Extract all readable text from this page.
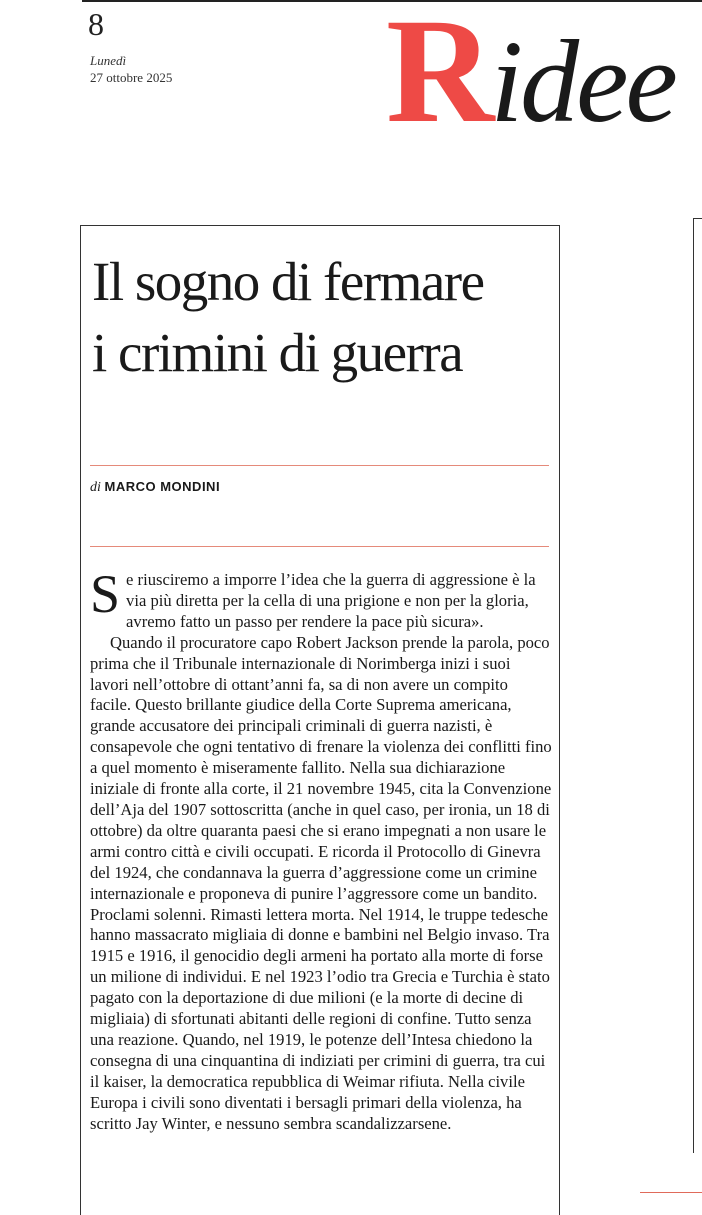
8
Lunedì
27 ottobre 2025 Ridee
Il sogno di fermare
i crimini di guerra
di MARCO MONDINI

Se riusciremo a imporre l’idea che la guerra di aggressione è la via più diretta per la cella di una prigione e non per la gloria, avremo fatto un passo per rendere la pace più sicura».

Quando il procuratore capo Robert Jackson prende la parola, poco prima che il Tribunale internazionale di Norimberga inizi i suoi lavori nell’ottobre di ottant’anni fa, sa di non avere un compito facile. Questo brillante giudice della Corte Suprema americana, grande accusatore dei principali criminali di guerra nazisti, è consapevole che ogni tentativo di frenare la violenza dei conflitti fino a quel momento è miseramente fallito. Nella sua dichiarazione iniziale di fronte alla corte, il 21 novembre 1945, cita la Convenzione dell’Aja del 1907 sottoscritta (anche in quel caso, per ironia, un 18 di ottobre) da oltre quaranta paesi che si erano impegnati a non usare le armi contro città e civili occupati. E ricorda il Protocollo di Ginevra del 1924, che condannava la guerra d’aggressione come un crimine internazionale e proponeva di punire l’aggressore come un bandito. Proclami solenni. Rimasti lettera morta. Nel 1914, le truppe tedesche hanno massacrato migliaia di donne e bambini nel Belgio invaso. Tra 1915 e 1916, il genocidio degli armeni ha portato alla morte di forse un milione di individui. E nel 1923 l’odio tra Grecia e Turchia è stato pagato con la deportazione di due milioni (e la morte di decine di migliaia) di sfortunati abitanti delle regioni di confine. Tutto senza una reazione. Quando, nel 1919, le potenze dell’Intesa chiedono la consegna di una cinquantina di indiziati per crimini di guerra, tra cui il kaiser, la democratica repubblica di Weimar rifiuta. Nella civile Europa i civili sono diventati i bersagli primari della violenza, ha scritto Jay Winter, e nessuno sembra scandalizzarsene.
